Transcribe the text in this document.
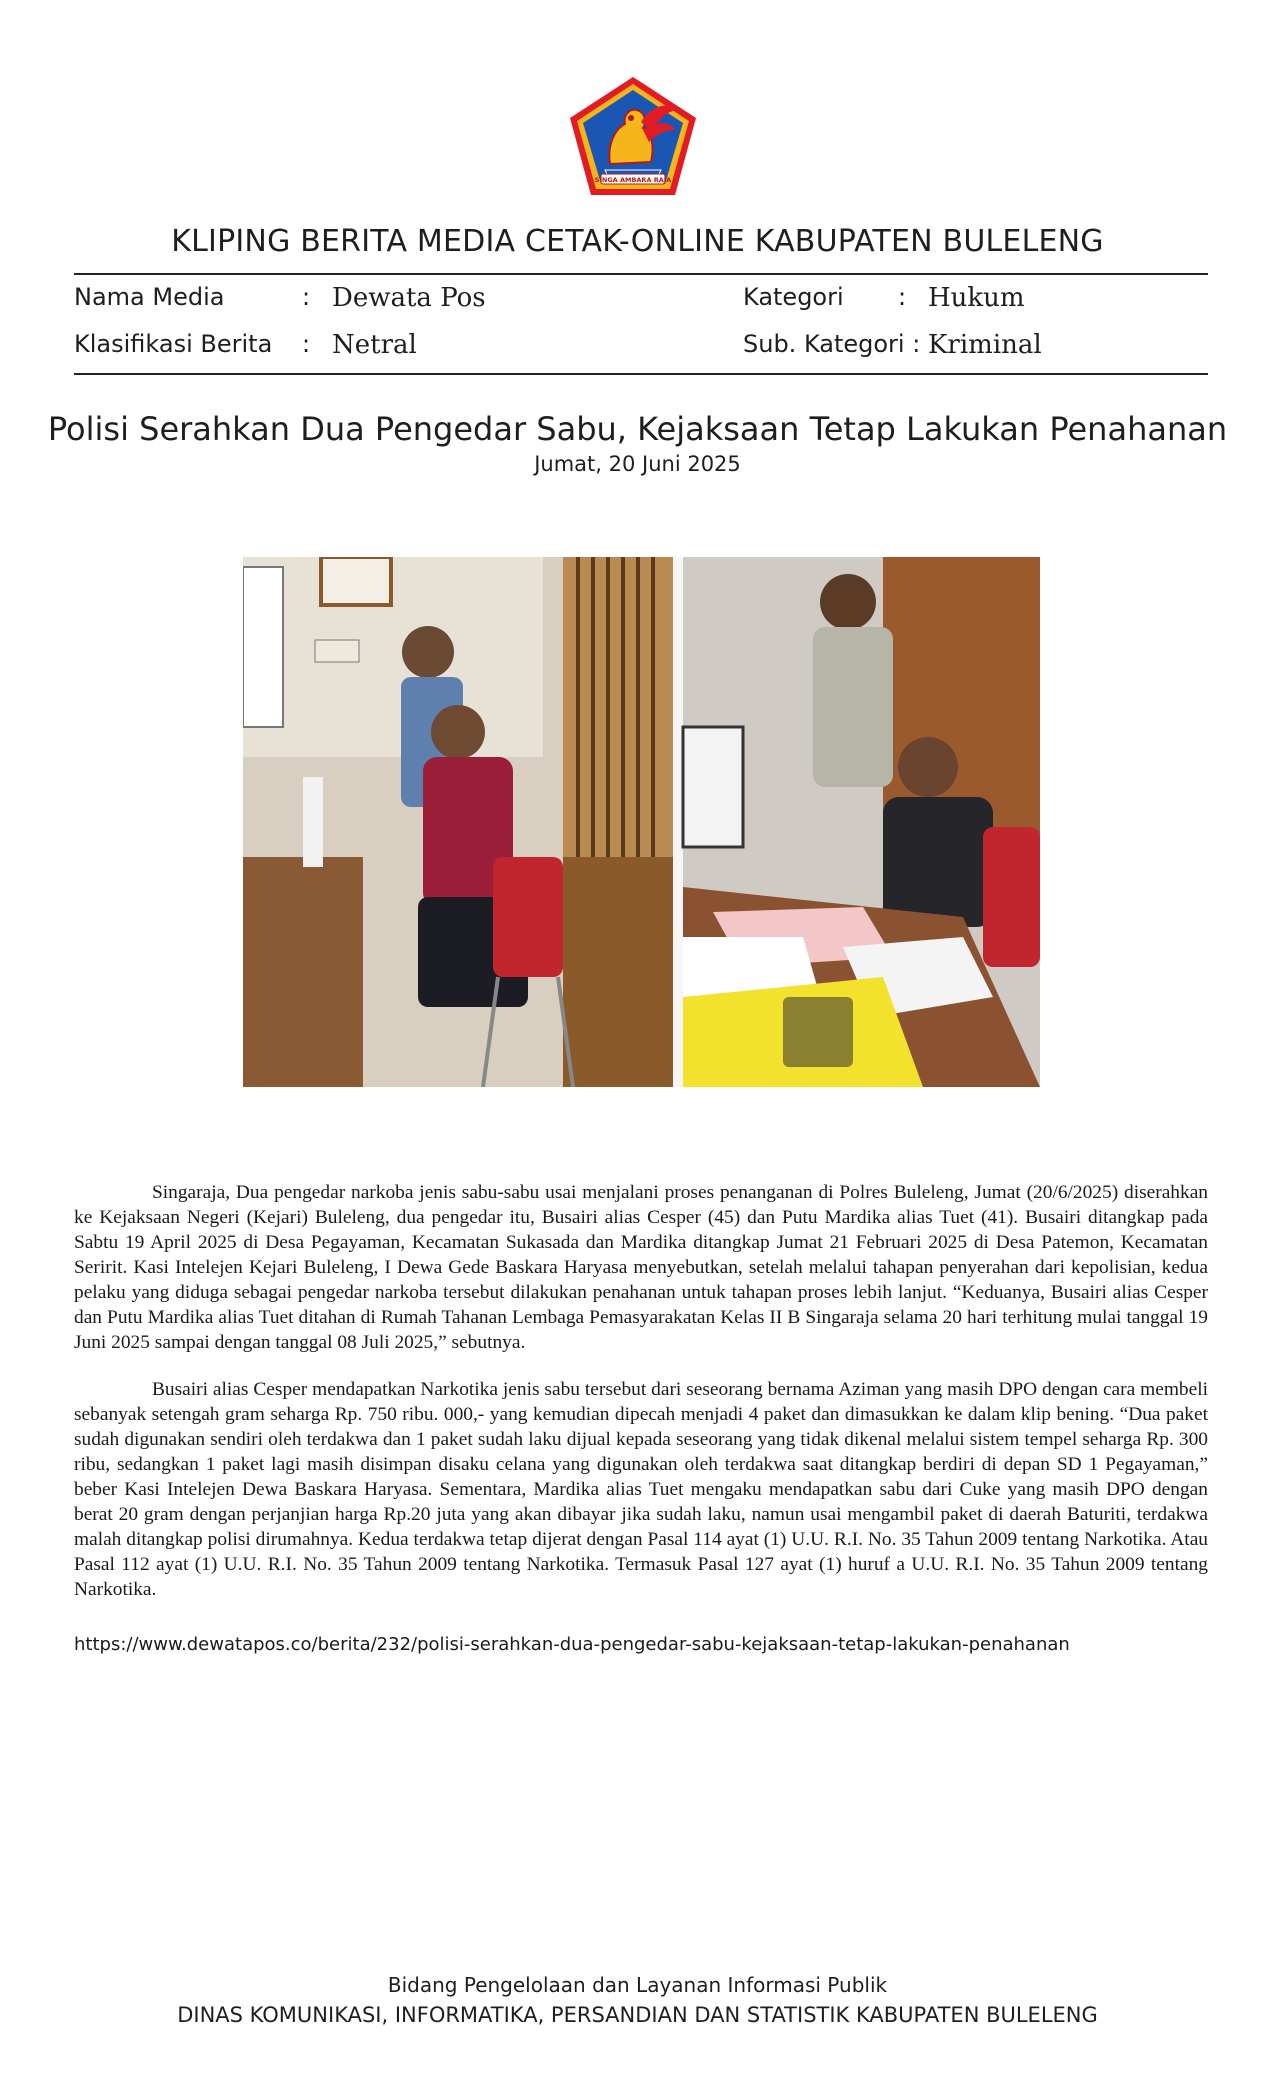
SINGA AMBARA RAJA
KLIPING BERITA MEDIA CETAK-ONLINE KABUPATEN BULELENG
Nama Media	: Dewata Pos	Kategori : Hukum
Klasifikasi Berita : Netral	Sub. Kategori : Kriminal
Polisi Serahkan Dua Pengedar Sabu, Kejaksaan Tetap Lakukan Penahanan
Jumat, 20 Juni 2025

Singaraja, Dua pengedar narkoba jenis sabu-sabu usai menjalani proses penanganan di Polres Buleleng, Jumat (20/6/2025) diserahkan ke Kejaksaan Negeri (Kejari) Buleleng, dua pengedar itu, Busairi alias Cesper (45) dan Putu Mardika alias Tuet (41). Busairi ditangkap pada Sabtu 19 April 2025 di Desa Pegayaman, Kecamatan Sukasada dan Mardika ditangkap Jumat 21 Februari 2025 di Desa Patemon, Kecamatan Seririt. Kasi Intelejen Kejari Buleleng, I Dewa Gede Baskara Haryasa menyebutkan, setelah melalui tahapan penyerahan dari kepolisian, kedua pelaku yang diduga sebagai pengedar narkoba tersebut dilakukan penahanan untuk tahapan proses lebih lanjut. “Keduanya, Busairi alias Cesper dan Putu Mardika alias Tuet ditahan di Rumah Tahanan Lembaga Pemasyarakatan Kelas II B Singaraja selama 20 hari terhitung mulai tanggal 19 Juni 2025 sampai dengan tanggal 08 Juli 2025,” sebutnya.

Busairi alias Cesper mendapatkan Narkotika jenis sabu tersebut dari seseorang bernama Aziman yang masih DPO dengan cara membeli sebanyak setengah gram seharga Rp. 750 ribu. 000,- yang kemudian dipecah menjadi 4 paket dan dimasukkan ke dalam klip bening. “Dua paket sudah digunakan sendiri oleh terdakwa dan 1 paket sudah laku dijual kepada seseorang yang tidak dikenal melalui sistem tempel seharga Rp. 300 ribu, sedangkan 1 paket lagi masih disimpan disaku celana yang digunakan oleh terdakwa saat ditangkap berdiri di depan SD 1 Pegayaman,” beber Kasi Intelejen Dewa Baskara Haryasa. Sementara, Mardika alias Tuet mengaku mendapatkan sabu dari Cuke yang masih DPO dengan berat 20 gram dengan perjanjian harga Rp.20 juta yang akan dibayar jika sudah laku, namun usai mengambil paket di daerah Baturiti, terdakwa malah ditangkap polisi dirumahnya. Kedua terdakwa tetap dijerat dengan Pasal 114 ayat (1) U.U. R.I. No. 35 Tahun 2009 tentang Narkotika. Atau Pasal 112 ayat (1) U.U. R.I. No. 35 Tahun 2009 tentang Narkotika. Termasuk Pasal 127 ayat (1) huruf a U.U. R.I. No. 35 Tahun 2009 tentang Narkotika.

https://www.dewatapos.co/berita/232/polisi-serahkan-dua-pengedar-sabu-kejaksaan-tetap-lakukan-penahanan
Bidang Pengelolaan dan Layanan Informasi Publik
DINAS KOMUNIKASI, INFORMATIKA, PERSANDIAN DAN STATISTIK KABUPATEN BULELENG
